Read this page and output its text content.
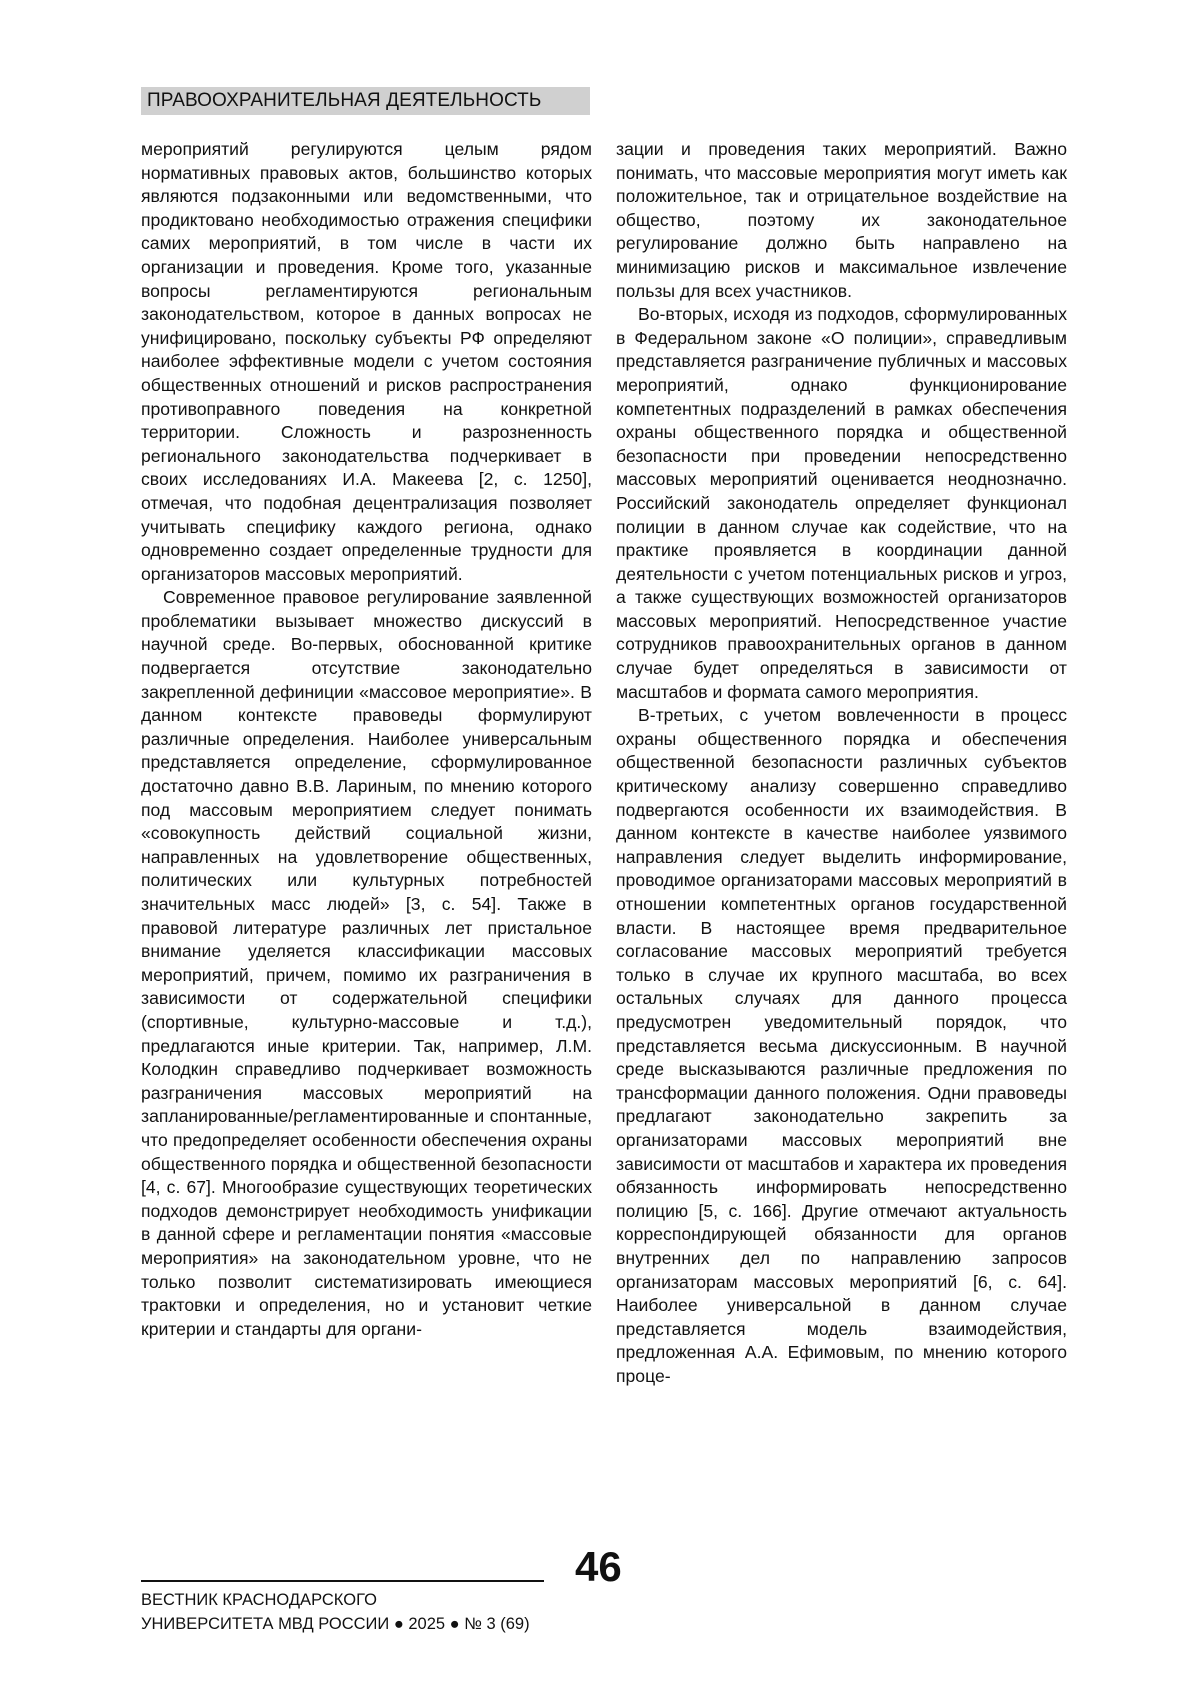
ПРАВООХРАНИТЕЛЬНАЯ ДЕЯТЕЛЬНОСТЬ

мероприятий регулируются целым рядом нормативных правовых актов, большинство которых являются подзаконными или ведомственными, что продиктовано необходимостью отражения специфики самих мероприятий, в том числе в части их организации и проведения. Кроме того, указанные вопросы регламентируются региональным законодательством, которое в данных вопросах не унифицировано, поскольку субъекты РФ определяют наиболее эффективные модели с учетом состояния общественных отношений и рисков распространения противоправного поведения на конкретной территории. Сложность и разрозненность регионального законодательства подчеркивает в своих исследованиях И.А. Макеева [2, с. 1250], отмечая, что подобная децентрализация позволяет учитывать специфику каждого региона, однако одновременно создает определенные трудности для организаторов массовых мероприятий.

Современное правовое регулирование заявленной проблематики вызывает множество дискуссий в научной среде. Во-первых, обоснованной критике подвергается отсутствие законодательно закрепленной дефиниции «массовое мероприятие». В данном контексте правоведы формулируют различные определения. Наиболее универсальным представляется определение, сформулированное достаточно давно В.В. Лариным, по мнению которого под массовым мероприятием следует понимать «совокупность действий социальной жизни, направленных на удовлетворение общественных, политических или культурных потребностей значительных масс людей» [3, с. 54]. Также в правовой литературе различных лет пристальное внимание уделяется классификации массовых мероприятий, причем, помимо их разграничения в зависимости от содержательной специфики (спортивные, культурно-массовые и т.д.), предлагаются иные критерии. Так, например, Л.М. Колодкин справедливо подчеркивает возможность разграничения массовых мероприятий на запланированные/регламентированные и спонтанные, что предопределяет особенности обеспечения охраны общественного порядка и общественной безопасности [4, с. 67]. Многообразие существующих теоретических подходов демонстрирует необходимость унификации в данной сфере и регламентации понятия «массовые мероприятия» на законодательном уровне, что не только позволит систематизировать имеющиеся трактовки и определения, но и установит четкие критерии и стандарты для органи-

зации и проведения таких мероприятий. Важно понимать, что массовые мероприятия могут иметь как положительное, так и отрицательное воздействие на общество, поэтому их законодательное регулирование должно быть направлено на минимизацию рисков и максимальное извлечение пользы для всех участников.

Во-вторых, исходя из подходов, сформулированных в Федеральном законе «О полиции», справедливым представляется разграничение публичных и массовых мероприятий, однако функционирование компетентных подразделений в рамках обеспечения охраны общественного порядка и общественной безопасности при проведении непосредственно массовых мероприятий оценивается неоднозначно. Российский законодатель определяет функционал полиции в данном случае как содействие, что на практике проявляется в координации данной деятельности с учетом потенциальных рисков и угроз, а также существующих возможностей организаторов массовых мероприятий. Непосредственное участие сотрудников правоохранительных органов в данном случае будет определяться в зависимости от масштабов и формата самого мероприятия.

В-третьих, с учетом вовлеченности в процесс охраны общественного порядка и обеспечения общественной безопасности различных субъектов критическому анализу совершенно справедливо подвергаются особенности их взаимодействия. В данном контексте в качестве наиболее уязвимого направления следует выделить информирование, проводимое организаторами массовых мероприятий в отношении компетентных органов государственной власти. В настоящее время предварительное согласование массовых мероприятий требуется только в случае их крупного масштаба, во всех остальных случаях для данного процесса предусмотрен уведомительный порядок, что представляется весьма дискуссионным. В научной среде высказываются различные предложения по трансформации данного положения. Одни правоведы предлагают законодательно закрепить за организаторами массовых мероприятий вне зависимости от масштабов и характера их проведения обязанность информировать непосредственно полицию [5, с. 166]. Другие отмечают актуальность корреспондирующей обязанности для органов внутренних дел по направлению запросов организаторам массовых мероприятий [6, с. 64]. Наиболее универсальной в данном случае представляется модель взаимодействия, предложенная А.А. Ефимовым, по мнению которого проце-

46
ВЕСТНИК КРАСНОДАРСКОГО
УНИВЕРСИТЕТА МВД РОССИИ ● 2025 ● № 3 (69)
